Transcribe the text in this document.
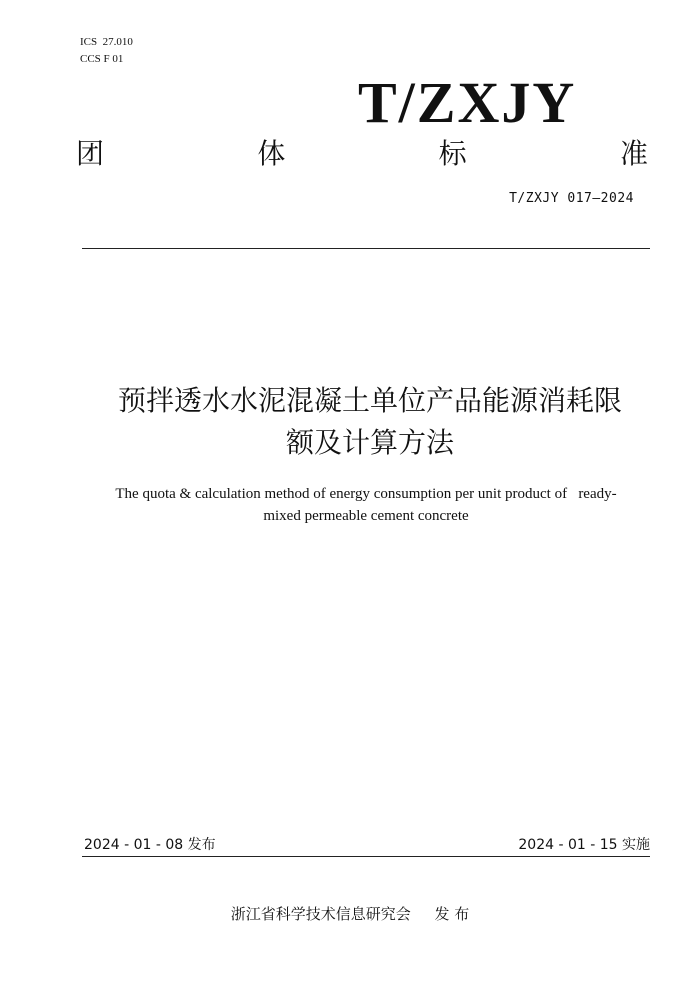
ICS  27.010
CCS F 01
T/ZXJY
团	体	标	准
T/ZXJY 017—2024
预拌透水水泥混凝土单位产品能源消耗限
额及计算方法
The quota & calculation method of energy consumption per unit product of   ready-
mixed permeable cement concrete
2024 - 01 - 08 发布	2024 - 01 - 15 实施
浙江省科学技术信息研究会     发 布
